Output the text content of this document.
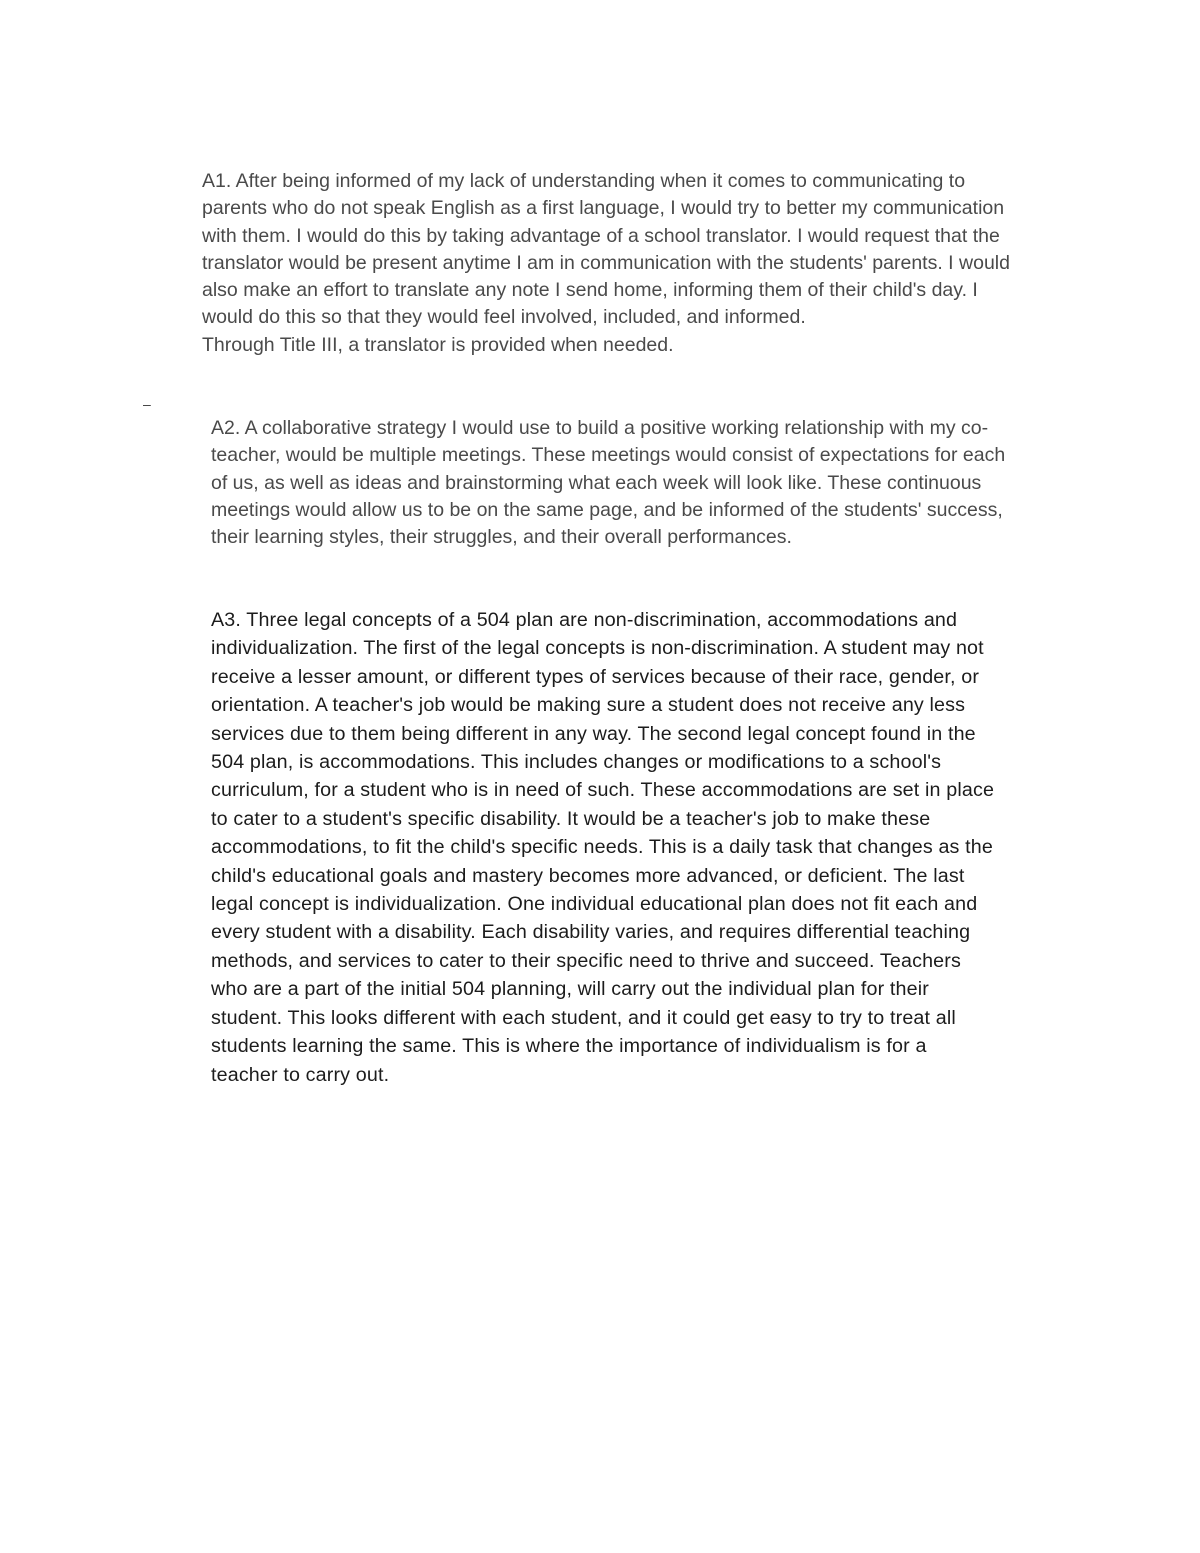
A1. After being informed of my lack of understanding when it comes to communicating to
parents who do not speak English as a first language, I would try to better my communication
with them. I would do this by taking advantage of a school translator. I would request that the
translator would be present anytime I am in communication with the students' parents. I would
also make an effort to translate any note I send home, informing them of their child's day. I
would do this so that they would feel involved, included, and informed.
Through Title III, a translator is provided when needed.

–

A2. A collaborative strategy I would use to build a positive working relationship with my co-
teacher, would be multiple meetings. These meetings would consist of expectations for each
of us, as well as ideas and brainstorming what each week will look like. These continuous
meetings would allow us to be on the same page, and be informed of the students' success,
their learning styles, their struggles, and their overall performances.

A3. Three legal concepts of a 504 plan are non-discrimination, accommodations and
individualization. The first of the legal concepts is non-discrimination. A student may not
receive a lesser amount, or different types of services because of their race, gender, or
orientation. A teacher's job would be making sure a student does not receive any less
services due to them being different in any way. The second legal concept found in the
504 plan, is accommodations. This includes changes or modifications to a school's
curriculum, for a student who is in need of such. These accommodations are set in place
to cater to a student's specific disability. It would be a teacher's job to make these
accommodations, to fit the child's specific needs. This is a daily task that changes as the
child's educational goals and mastery becomes more advanced, or deficient. The last
legal concept is individualization. One individual educational plan does not fit each and
every student with a disability. Each disability varies, and requires differential teaching
methods, and services to cater to their specific need to thrive and succeed. Teachers
who are a part of the initial 504 planning, will carry out the individual plan for their
student. This looks different with each student, and it could get easy to try to treat all
students learning the same. This is where the importance of individualism is for a
teacher to carry out.
